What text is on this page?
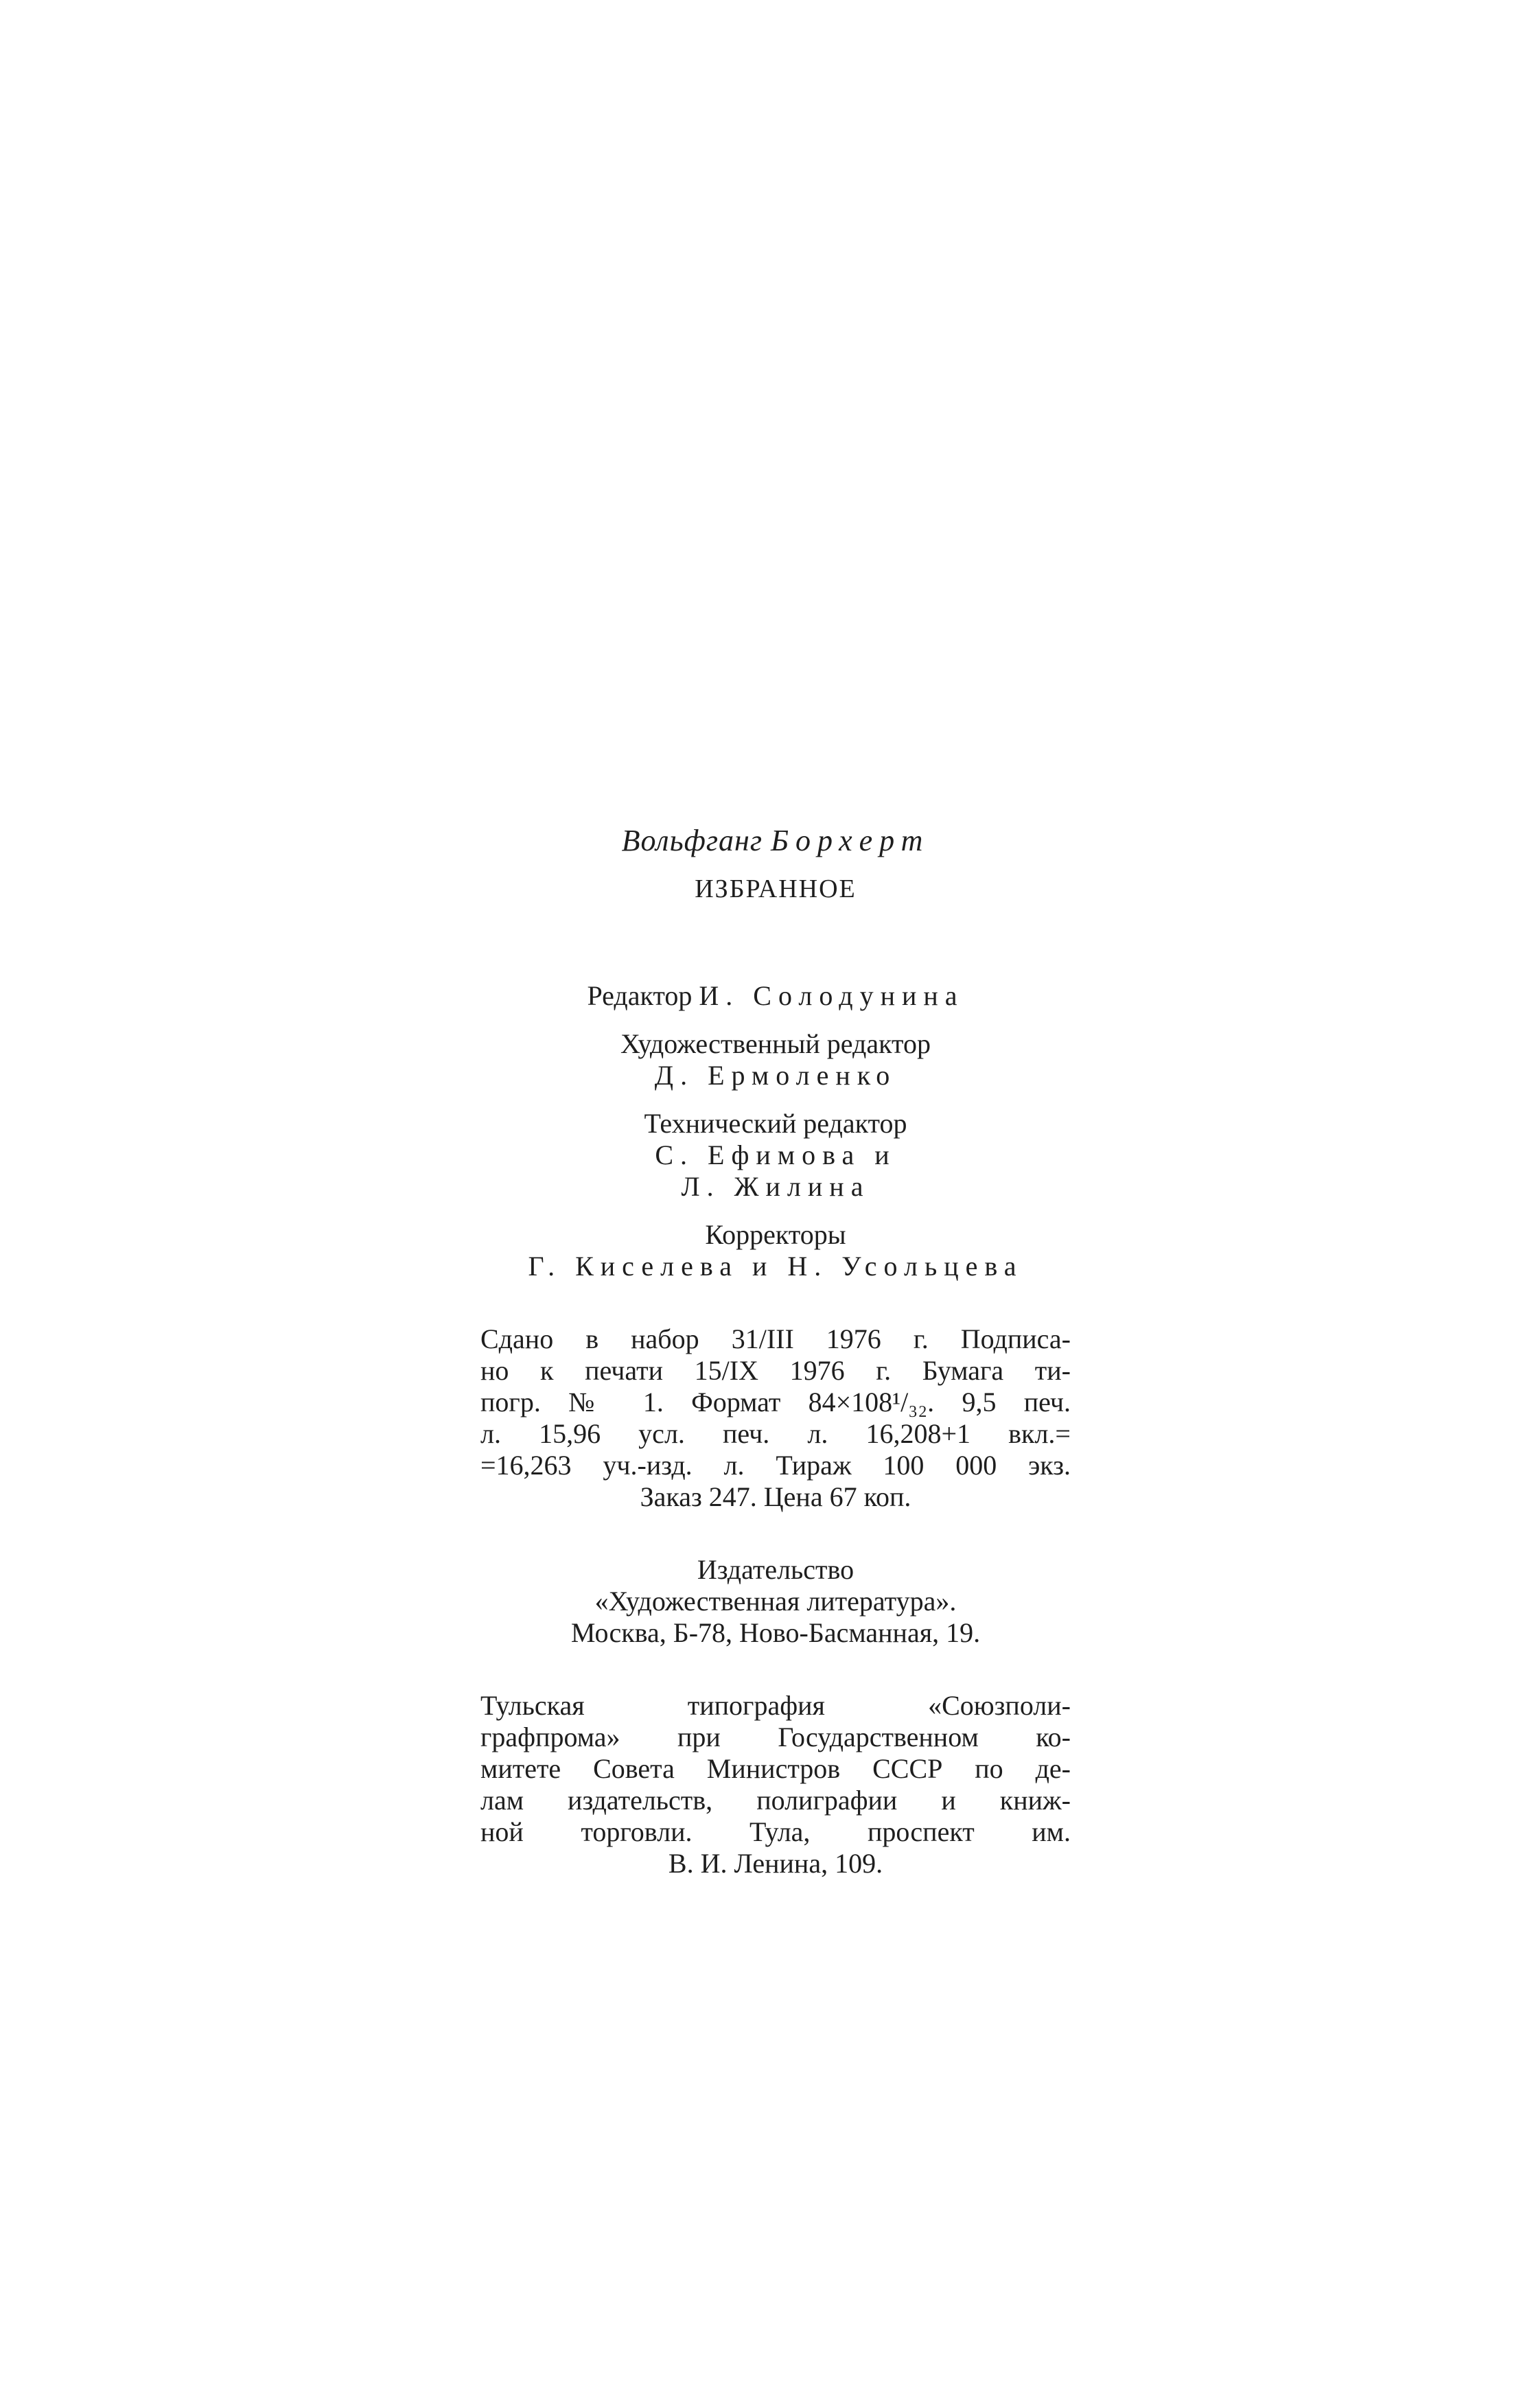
Вольфганг Борхерт
ИЗБРАННОЕ
Редактор И. Солодунина
Художественный редактор
Д. Ермоленко
Технический редактор
С. Ефимова и
Л. Жилина
Корректоры
Г. Киселева и Н. Усольцева
Сдано в набор 31/III 1976 г. Подписа-
но к печати 15/IX 1976 г. Бумага ти-
погр. № 1. Формат 84×108¹/₃₂. 9,5 печ.
л. 15,96 усл. печ. л. 16,208+1 вкл.=
=16,263 уч.-изд. л. Тираж 100 000 экз.
Заказ 247. Цена 67 коп.
Издательство
«Художественная литература».
Москва, Б-78, Ново-Басманная, 19.
Тульская типография «Союзполи-
графпрома» при Государственном ко-
митете Совета Министров СССР по де-
лам издательств, полиграфии и книж-
ной торговли. Тула, проспект им.
В. И. Ленина, 109.
